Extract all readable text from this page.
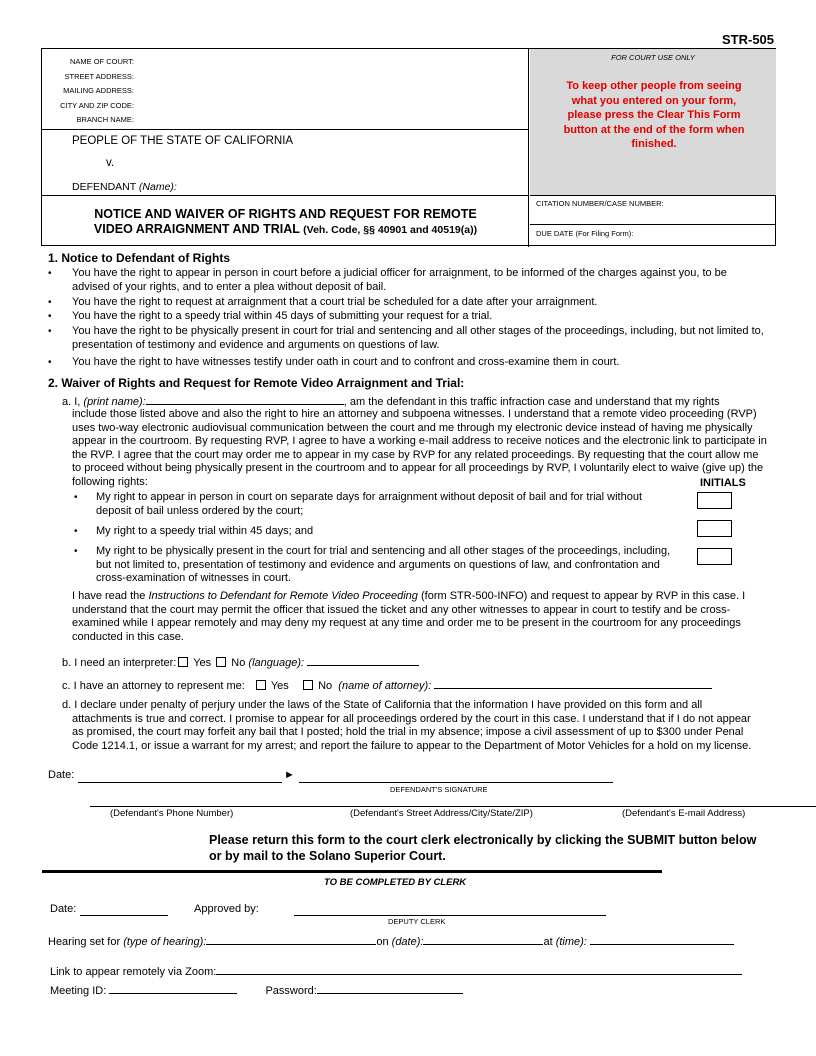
STR-505
NAME OF COURT:
STREET ADDRESS:
MAILING ADDRESS:
CITY AND ZIP CODE:
BRANCH NAME:
PEOPLE OF THE STATE OF CALIFORNIA
v.
DEFENDANT (Name):
NOTICE AND WAIVER OF RIGHTS AND REQUEST FOR REMOTE
VIDEO ARRAIGNMENT AND TRIAL (Veh. Code, §§ 40901 and 40519(a))
FOR COURT USE ONLY
To keep other people from seeing what you entered on your form, please press the Clear This Form button at the end of the form when finished.
CITATION NUMBER/CASE NUMBER:
DUE DATE (For Filing Form):
1. Notice to Defendant of Rights
• You have the right to appear in person in court before a judicial officer for arraignment, to be informed of the charges against you, to be advised of your rights, and to enter a plea without deposit of bail.
• You have the right to request at arraignment that a court trial be scheduled for a date after your arraignment.
• You have the right to a speedy trial within 45 days of submitting your request for a trial.
• You have the right to be physically present in court for trial and sentencing and all other stages of the proceedings, including, but not limited to, presentation of testimony and evidence and arguments on questions of law.
• You have the right to have witnesses testify under oath in court and to confront and cross-examine them in court.
2. Waiver of Rights and Request for Remote Video Arraignment and Trial:
a. I, (print name):	, am the defendant in this traffic infraction case and understand that my rights
include those listed above and also the right to hire an attorney and subpoena witnesses. I understand that a remote video proceeding (RVP) uses two-way electronic audiovisual communication between the court and me through my electronic device instead of having me physically appear in the courtroom. By requesting RVP, I agree to have a working e-mail address to receive notices and the electronic link to participate in the RVP. I agree that the court may order me to appear in my case by RVP for any related proceedings. By requesting that the court allow me to proceed without being physically present in the courtroom and to appear for all proceedings by RVP, I voluntarily elect to waive (give up) the following rights:	INITIALS
• My right to appear in person in court on separate days for arraignment without deposit of bail and for trial without deposit of bail unless ordered by the court;
• My right to a speedy trial within 45 days; and
• My right to be physically present in the court for trial and sentencing and all other stages of the proceedings, including, but not limited to, presentation of testimony and evidence and arguments on questions of law, and confrontation and cross-examination of witnesses in court.
I have read the Instructions to Defendant for Remote Video Proceeding (form STR-500-INFO) and request to appear by RVP in this case. I understand that the court may permit the officer that issued the ticket and any other witnesses to appear in court to testify and be cross-examined while I appear remotely and may deny my request at any time and order me to be present in the courtroom for any proceedings conducted in this case.
b. I need an interpreter: Yes No (language):
c. I have an attorney to represent me: Yes	No (name of attorney):
d. I declare under penalty of perjury under the laws of the State of California that the information I have provided on this form and all attachments is true and correct. I promise to appear for all proceedings ordered by the court in this case. I understand that if I do not appear as promised, the court may forfeit any bail that I posted; hold the trial in my absence; impose a civil assessment of up to $300 under Penal Code 1214.1, or issue a warrant for my arrest; and report the failure to appear to the Department of Motor Vehicles for a hold on my license.
Date:	►
DEFENDANT'S SIGNATURE
(Defendant's Phone Number)	(Defendant's Street Address/City/State/ZIP)	(Defendant's E-mail Address)
Please return this form to the court clerk electronically by clicking the SUBMIT button below or by mail to the Solano Superior Court.
TO BE COMPLETED BY CLERK
Date:	Approved by:
DEPUTY CLERK
Hearing set for (type of hearing):	on (date):	at (time):
Link to appear remotely via Zoom:
Meeting ID:	Password:
